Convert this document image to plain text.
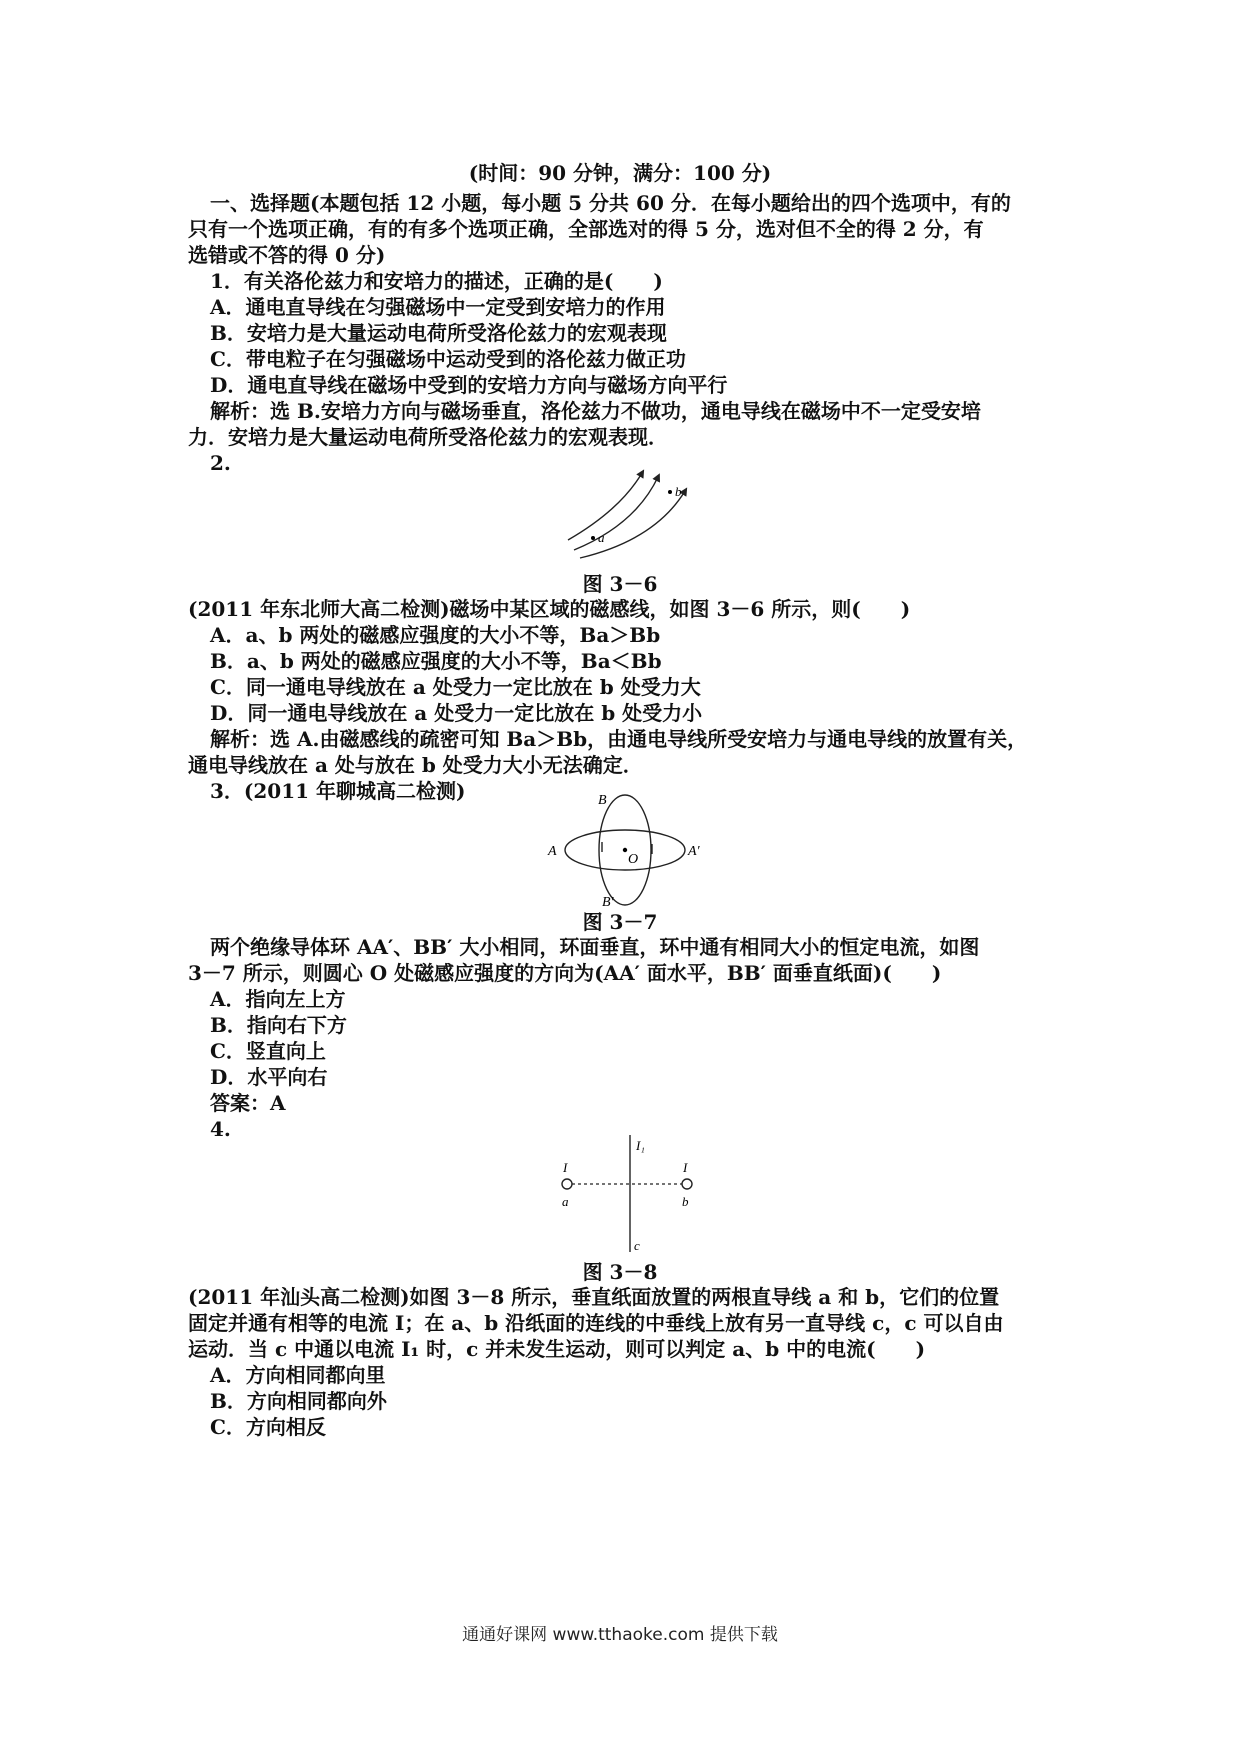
(时间：90 分钟，满分：100 分)
一、选择题(本题包括 12 小题，每小题 5 分共 60 分．在每小题给出的四个选项中，有的
只有一个选项正确，有的有多个选项正确，全部选对的得 5 分，选对但不全的得 2 分，有
选错或不答的得 0 分)
1．有关洛伦兹力和安培力的描述，正确的是(　　)
A．通电直导线在匀强磁场中一定受到安培力的作用
B．安培力是大量运动电荷所受洛伦兹力的宏观表现
C．带电粒子在匀强磁场中运动受到的洛伦兹力做正功
D．通电直导线在磁场中受到的安培力方向与磁场方向平行
解析：选 B.安培力方向与磁场垂直，洛伦兹力不做功，通电导线在磁场中不一定受安培
力．安培力是大量运动电荷所受洛伦兹力的宏观表现．
2.
a
b
图 3－6
(2011 年东北师大高二检测)磁场中某区域的磁感线，如图 3－6 所示，则(　　)
A．a、b 两处的磁感应强度的大小不等，Ba＞Bb
B．a、b 两处的磁感应强度的大小不等，Ba＜Bb
C．同一通电导线放在 a 处受力一定比放在 b 处受力大
D．同一通电导线放在 a 处受力一定比放在 b 处受力小
解析：选 A.由磁感线的疏密可知 Ba＞Bb，由通电导线所受安培力与通电导线的放置有关，
通电导线放在 a 处与放在 b 处受力大小无法确定．
3．(2011 年聊城高二检测)	B
B′
A	A′
O
图 3－7
两个绝缘导体环 AA′、BB′ 大小相同，环面垂直，环中通有相同大小的恒定电流，如图
3－7 所示，则圆心 O 处磁感应强度的方向为(AA′ 面水平，BB′ 面垂直纸面)(　　)
A．指向左上方
B．指向右下方
C．竖直向上
D．水平向右
答案：A
4.
I₁
I	I
a	b
c
图 3－8
(2011 年汕头高二检测)如图 3－8 所示，垂直纸面放置的两根直导线 a 和 b，它们的位置
固定并通有相等的电流 I；在 a、b 沿纸面的连线的中垂线上放有另一直导线 c，c 可以自由
运动．当 c 中通以电流 I₁ 时，c 并未发生运动，则可以判定 a、b 中的电流(　　)
A．方向相同都向里
B．方向相同都向外
C．方向相反
通通好课网 www.tthaoke.com 提供下载
